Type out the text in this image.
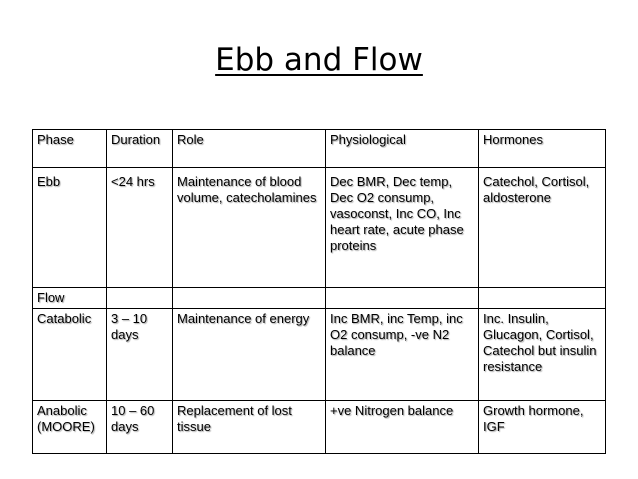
Ebb and Flow
Phase	Duration	Role	Physiological	Hormones
Ebb	<24 hrs	Maintenance of blood volume, catecholamines	Dec BMR, Dec temp, Dec O2 consump, vasoconst, Inc CO, Inc heart rate, acute phase proteins	Catechol, Cortisol, aldosterone
Flow				
Catabolic	3 – 10 days	Maintenance of energy	Inc BMR, inc Temp, inc O2 consump, -ve N2 balance	Inc. Insulin, Glucagon, Cortisol, Catechol but insulin resistance
Anabolic (MOORE)	10 – 60 days	Replacement of lost tissue	+ve Nitrogen balance	Growth hormone, IGF
